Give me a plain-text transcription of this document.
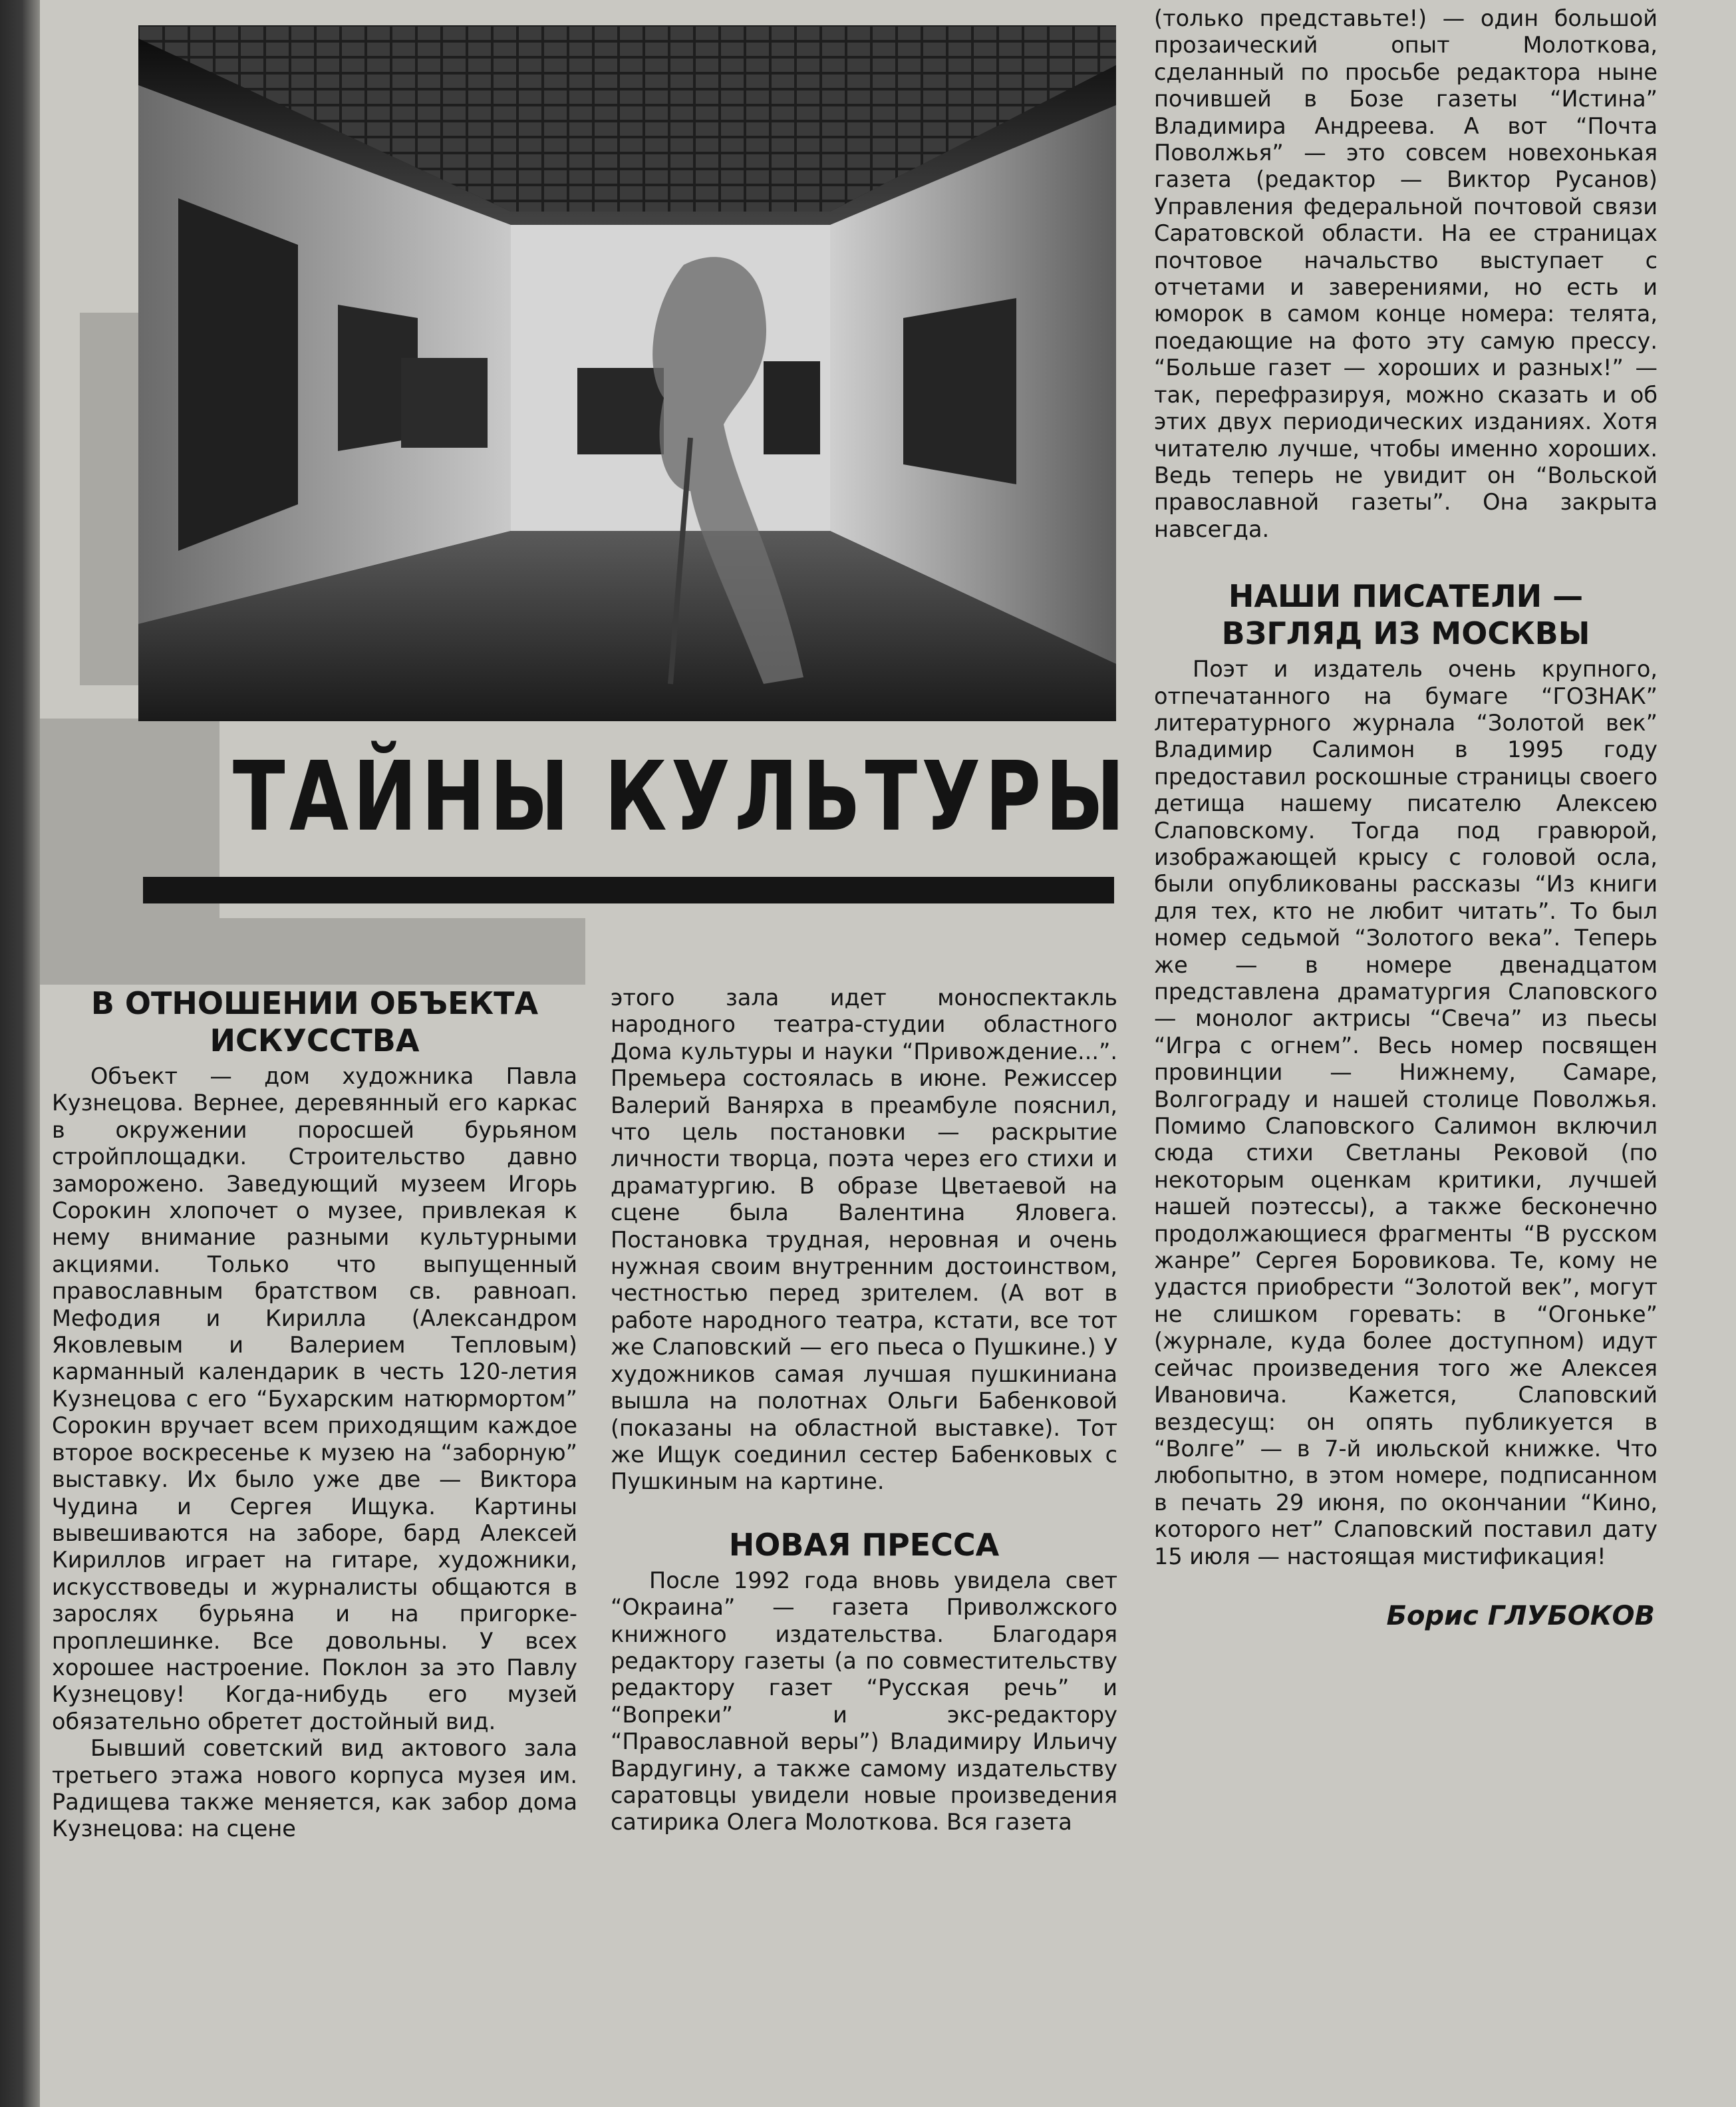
ТАЙНЫ КУЛЬТУРЫ
В ОТНОШЕНИИ ОБЪЕКТА ИСКУССТВА

Объект — дом художника Павла Кузнецова. Вернее, деревянный его каркас в окружении поросшей бурьяном стройплощадки. Строительство давно заморожено. Заведующий музеем Игорь Сорокин хлопочет о музее, привлекая к нему внимание разными культурными акциями. Только что выпущенный православным братством св. равноап. Мефодия и Кирилла (Александром Яковлевым и Валерием Тепловым) карманный календарик в честь 120-летия Кузнецова с его “Бухарским натюрмортом” Сорокин вручает всем приходящим каждое второе воскресенье к музею на “заборную” выставку. Их было уже две — Виктора Чудина и Сергея Ищука. Картины вывешиваются на заборе, бард Алексей Кириллов играет на гитаре, художники, искусствоведы и журналисты общаются в зарослях бурьяна и на пригорке-проплешинке. Все довольны. У всех хорошее настроение. Поклон за это Павлу Кузнецову! Когда-нибудь его музей обязательно обретет достойный вид.

Бывший советский вид актового зала третьего этажа нового корпуса музея им. Радищева также меняется, как забор дома Кузнецова: на сцене

этого зала идет моноспектакль народного театра-студии областного Дома культуры и науки “Привождение...”. Премьера состоялась в июне. Режиссер Валерий Ванярха в преамбуле пояснил, что цель постановки — раскрытие личности творца, поэта через его стихи и драматургию. В образе Цветаевой на сцене была Валентина Яловега. Постановка трудная, неровная и очень нужная своим внутренним достоинством, честностью перед зрителем. (А вот в работе народного театра, кстати, все тот же Слаповский — его пьеса о Пушкине.) У художников самая лучшая пушкиниана вышла на полотнах Ольги Бабенковой (показаны на областной выставке). Тот же Ищук соединил сестер Бабенковых с Пушкиным на картине.

НОВАЯ ПРЕССА

После 1992 года вновь увидела свет “Окраина” — газета Приволжского книжного издательства. Благодаря редактору газеты (а по совместительству редактору газет “Русская речь” и “Вопреки” и экс-редактору “Православной веры”) Владимиру Ильичу Вардугину, а также самому издательству саратовцы увидели новые произведения сатирика Олега Молоткова. Вся газета

(только представьте!) — один большой прозаический опыт Молоткова, сделанный по просьбе редактора ныне почившей в Бозе газеты “Истина” Владимира Андреева. А вот “Почта Поволжья” — это совсем новехонькая газета (редактор — Виктор Русанов) Управления федеральной почтовой связи Саратовской области. На ее страницах почтовое начальство выступает с отчетами и заверениями, но есть и юморок в самом конце номера: телята, поедающие на фото эту самую прессу. “Больше газет — хороших и разных!” — так, перефразируя, можно сказать и об этих двух периодических изданиях. Хотя читателю лучше, чтобы именно хороших. Ведь теперь не увидит он “Вольской православной газеты”. Она закрыта навсегда.

НАШИ ПИСАТЕЛИ — ВЗГЛЯД ИЗ МОСКВЫ

Поэт и издатель очень крупного, отпечатанного на бумаге “ГОЗНАК” литературного журнала “Золотой век” Владимир Салимон в 1995 году предоставил роскошные страницы своего детища нашему писателю Алексею Слаповскому. Тогда под гравюрой, изображающей крысу с головой осла, были опубликованы рассказы “Из книги для тех, кто не любит читать”. То был номер седьмой “Золотого века”. Теперь же — в номере двенадцатом представлена драматургия Слаповского — монолог актрисы “Свеча” из пьесы “Игра с огнем”. Весь номер посвящен провинции — Нижнему, Самаре, Волгограду и нашей столице Поволжья. Помимо Слаповского Салимон включил сюда стихи Светланы Рековой (по некоторым оценкам критики, лучшей нашей поэтессы), а также бесконечно продолжающиеся фрагменты “В русском жанре” Сергея Боровикова. Те, кому не удастся приобрести “Золотой век”, могут не слишком горевать: в “Огоньке” (журнале, куда более доступном) идут сейчас произведения того же Алексея Ивановича. Кажется, Слаповский вездесущ: он опять публикуется в “Волге” — в 7-й июльской книжке. Что любопытно, в этом номере, подписанном в печать 29 июня, по окончании “Кино, которого нет” Слаповский поставил дату 15 июля — настоящая мистификация!

Борис ГЛУБОКОВ
